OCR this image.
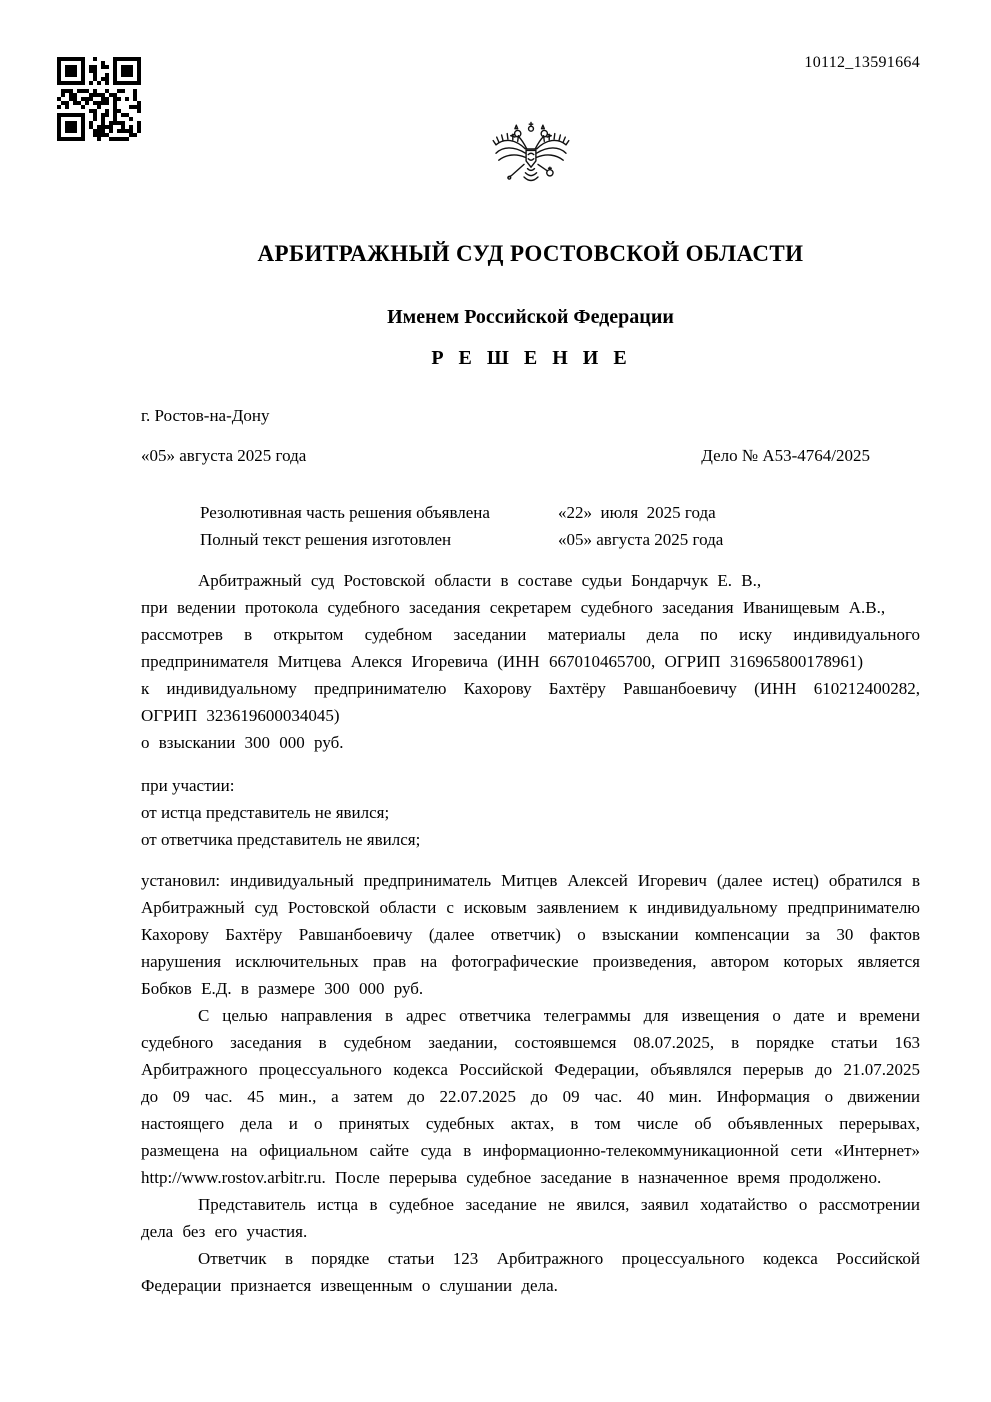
10112_13591664
АРБИТРАЖНЫЙ СУД РОСТОВСКОЙ ОБЛАСТИ
Именем Российской Федерации
Р Е Ш Е Н И Е
г. Ростов-на-Дону
«05» августа 2025 года	Дело № А53-4764/2025
Резолютивная часть решения объявлена	«22»  июля  2025 года
Полный текст решения изготовлен	«05» августа 2025 года

Арбитражный суд Ростовской области в составе судьи Бондарчук Е. В.,

при ведении протокола судебного заседания секретарем судебного заседания Иванищевым А.В.,

рассмотрев в открытом судебном заседании материалы дела по иску индивидуального предпринимателя Митцева Алекся Игоревича (ИНН 667010465700, ОГРИП 316965800178961)

к индивидуальному предпринимателю Кахорову Бахтёру Равшанбоевичу (ИНН 610212400282, ОГРИП 323619600034045)

о взыскании 300 000 руб.

при участии:

от истца представитель не явился;

от ответчика представитель не явился;

установил: индивидуальный предприниматель Митцев Алексей Игоревич (далее истец) обратился в Арбитражный суд Ростовской области с исковым заявлением к индивидуальному предпринимателю Кахорову Бахтёру Равшанбоевичу (далее ответчик) о взыскании компенсации за 30 фактов нарушения исключительных прав на фотографические произведения, автором которых является Бобков Е.Д. в размере 300 000 руб.

С целью направления в адрес ответчика телеграммы для извещения о дате и времени судебного заседания в судебном заедании, состоявшемся 08.07.2025, в порядке статьи 163 Арбитражного процессуального кодекса Российской Федерации, объявлялся перерыв до 21.07.2025 до 09 час. 45 мин., а затем до 22.07.2025 до 09 час. 40 мин. Информация о движении настоящего дела и о принятых судебных актах, в том числе об объявленных перерывах, размещена на официальном сайте суда в информационно-телекоммуникационной сети «Интернет» http://www.rostov.arbitr.ru. После перерыва судебное заседание в назначенное время продолжено.

Представитель истца в судебное заседание не явился, заявил ходатайство о рассмотрении дела без его участия.

Ответчик в порядке статьи 123 Арбитражного процессуального кодекса Российской Федерации признается извещенным о слушании дела.
